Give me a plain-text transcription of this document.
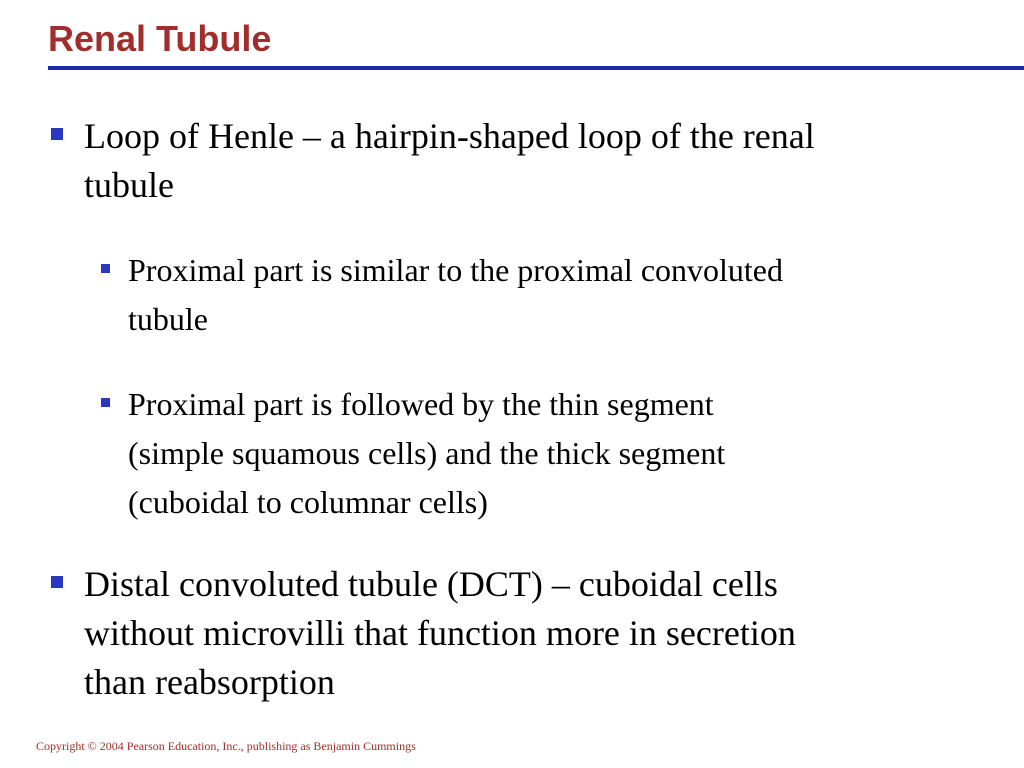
Renal Tubule
Loop of Henle – a hairpin-shaped loop of the renal
tubule
Proximal part is similar to the proximal convoluted
tubule
Proximal part is followed by the thin segment
(simple squamous cells) and the thick segment
(cuboidal to columnar cells)
Distal convoluted tubule (DCT) – cuboidal cells
without microvilli that function more in secretion
than reabsorption

Copyright © 2004 Pearson Education, Inc., publishing as Benjamin Cummings
